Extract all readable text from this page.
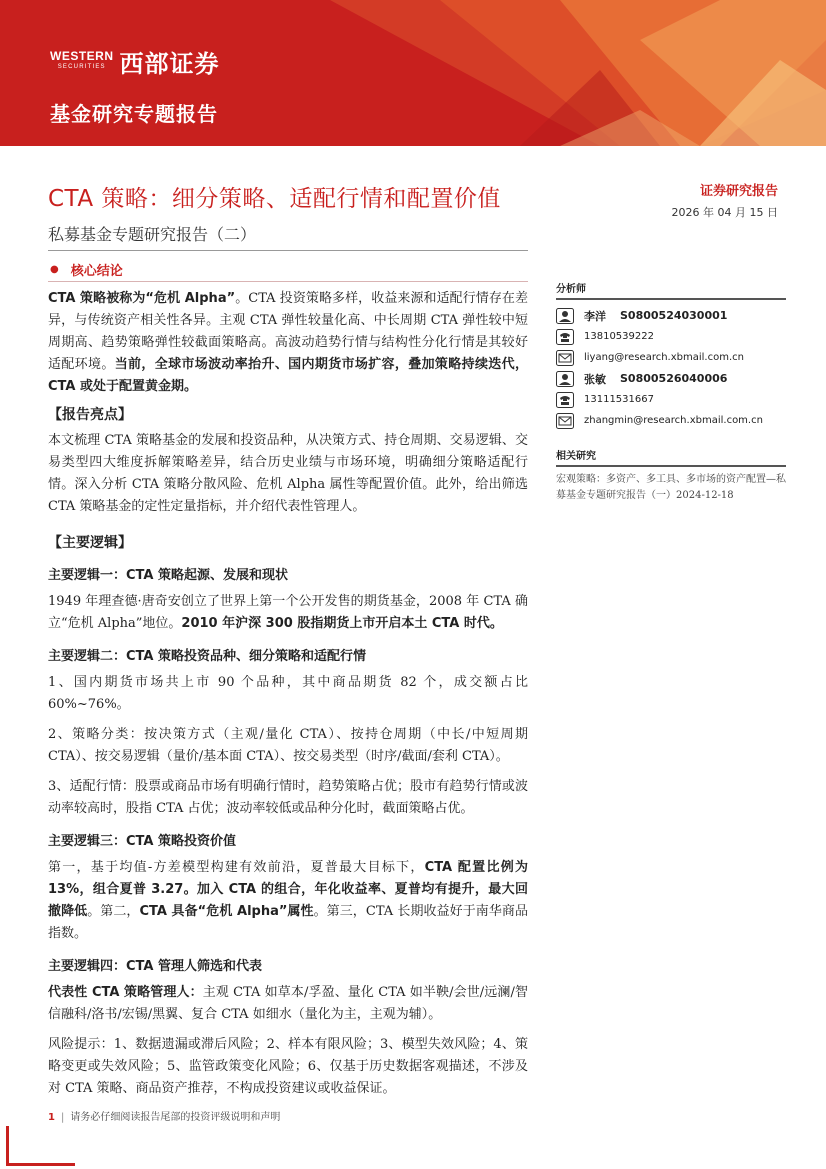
WESTERN
SECURITIES 西部证券
基金研究专题报告
CTA 策略：细分策略、适配行情和配置价值
私募基金专题研究报告（二）
证券研究报告
2026 年 04 月 15 日
● 核心结论

CTA 策略被称为“危机 Alpha”。CTA 投资策略多样，收益来源和适配行情存在差异，与传统资产相关性各异。主观 CTA 弹性较量化高、中长周期 CTA 弹性较中短周期高、趋势策略弹性较截面策略高。高波动趋势行情与结构性分化行情是其较好适配环境。当前，全球市场波动率抬升、国内期货市场扩容，叠加策略持续迭代，CTA 或处于配置黄金期。

【报告亮点】

本文梳理 CTA 策略基金的发展和投资品种，从决策方式、持仓周期、交易逻辑、交易类型四大维度拆解策略差异，结合历史业绩与市场环境，明确细分策略适配行情。深入分析 CTA 策略分散风险、危机 Alpha 属性等配置价值。此外，给出筛选 CTA 策略基金的定性定量指标，并介绍代表性管理人。

【主要逻辑】
主要逻辑一：CTA 策略起源、发展和现状

1949 年理查德·唐奇安创立了世界上第一个公开发售的期货基金，2008 年 CTA 确立“危机 Alpha”地位。2010 年沪深 300 股指期货上市开启本土 CTA 时代。

主要逻辑二：CTA 策略投资品种、细分策略和适配行情

1、国内期货市场共上市 90 个品种，其中商品期货 82 个，成交额占比 60%~76%。

2、策略分类：按决策方式（主观/量化 CTA）、按持仓周期（中长/中短周期 CTA）、按交易逻辑（量价/基本面 CTA）、按交易类型（时序/截面/套利 CTA）。

3、适配行情：股票或商品市场有明确行情时，趋势策略占优；股市有趋势行情或波动率较高时，股指 CTA 占优；波动率较低或品种分化时，截面策略占优。

主要逻辑三：CTA 策略投资价值

第一，基于均值-方差模型构建有效前沿，夏普最大目标下，CTA 配置比例为 13%，组合夏普 3.27。加入 CTA 的组合，年化收益率、夏普均有提升，最大回撤降低。第二，CTA 具备“危机 Alpha”属性。第三，CTA 长期收益好于南华商品指数。

主要逻辑四：CTA 管理人筛选和代表

代表性 CTA 策略管理人：主观 CTA 如草本/孚盈、量化 CTA 如半鞅/会世/远澜/智信融科/洛书/宏锡/黑翼、复合 CTA 如细水（量化为主，主观为辅）。

风险提示：1、数据遗漏或滞后风险；2、样本有限风险；3、模型失效风险；4、策略变更或失效风险；5、监管政策变化风险；6、仅基于历史数据客观描述，不涉及对 CTA 策略、商品资产推荐，不构成投资建议或收益保证。

分析师
李洋 S0800524030001
13810539222
liyang@research.xbmail.com.cn
张敏 S0800526040006
13111531667
zhangmin@research.xbmail.com.cn
相关研究
宏观策略：多资产、多工具、多市场的资产配置—私募基金专题研究报告（一）2024-12-18
1 | 请务必仔细阅读报告尾部的投资评级说明和声明
